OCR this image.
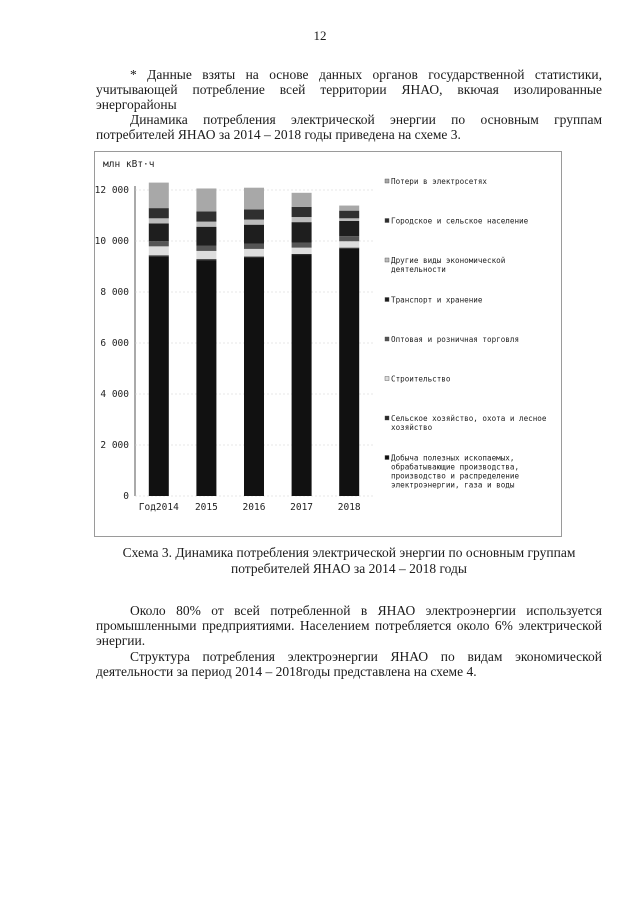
12

* Данные взяты на основе данных органов государственной статистики, учитывающей потребление всей территории ЯНАО, вкючая изолированные энергорайоны

Динамика потребления электрической энергии по основным группам потребителей ЯНАО за 2014 – 2018 годы приведена на схеме 3.

млн кВт·ч
0
2 000
4 000
6 000
8 000
10 000
12 000
Год2014 2015	2016	2017	2018
Потери в электросетях
Городское и сельское население
Другие виды экономической деятельности
Транспорт и хранение
Оптовая и розничная торговля
Строительство
Сельское хозяйство, охота и лесное хозяйство
Добыча полезных ископаемых, обрабатывающие производства, производство и распределение электроэнергии, газа и воды

Схема 3. Динамика потребления электрической энергии по основным группам
потребителей ЯНАО за 2014 – 2018 годы

Около 80% от всей потребленной в ЯНАО электроэнергии используется промышленными предприятиями. Населением потребляется около 6% электрической энергии.

Структура потребления электроэнергии ЯНАО по видам экономической деятельности за период 2014 – 2018годы представлена на схеме 4.
